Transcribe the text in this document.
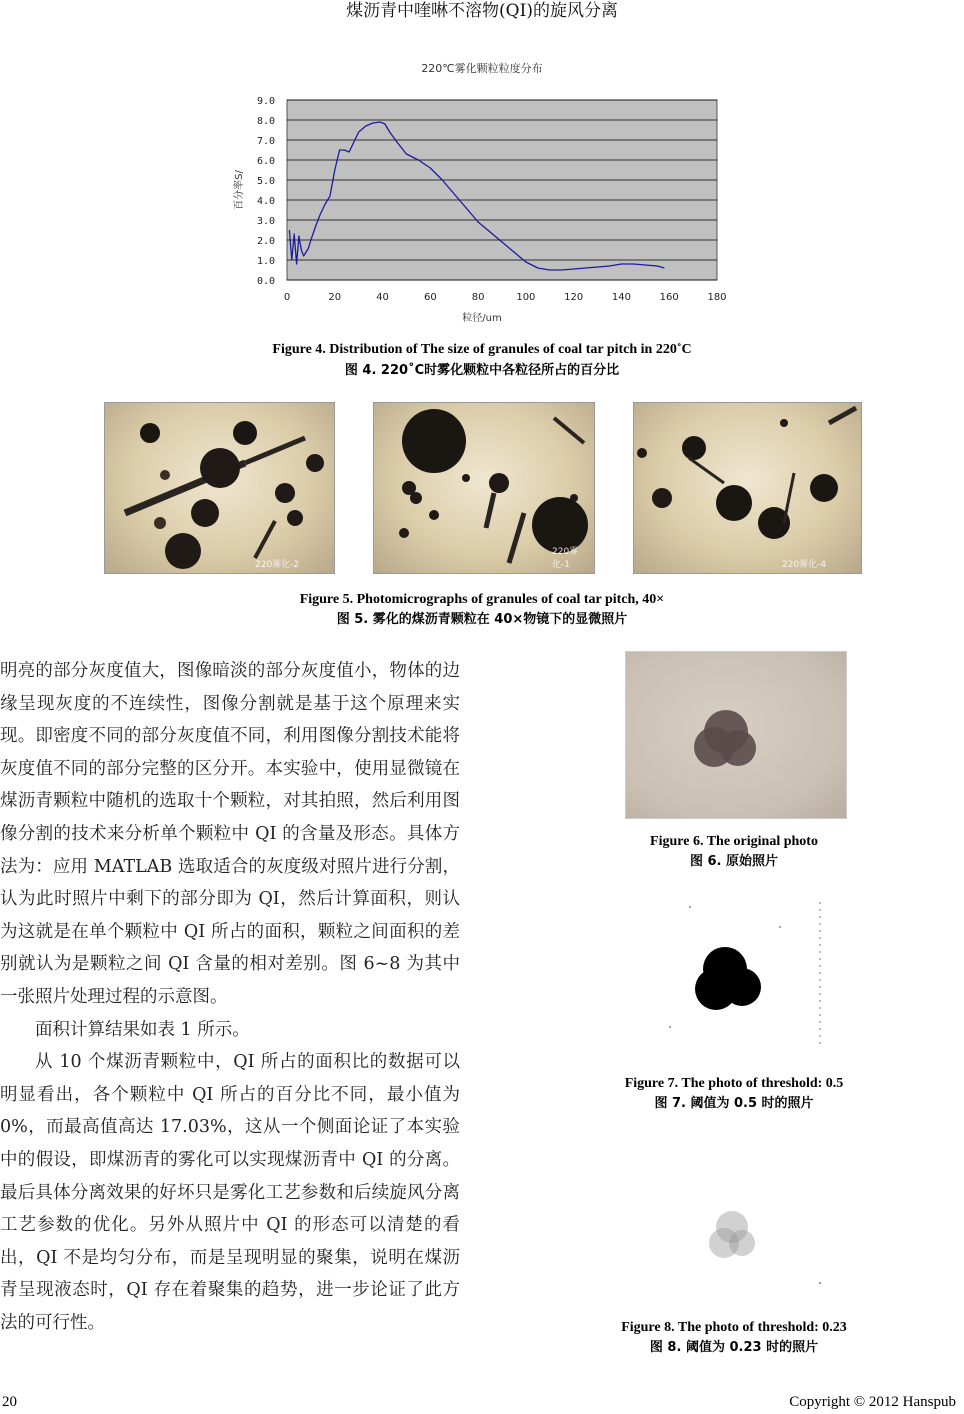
煤沥青中喹啉不溶物(QI)的旋风分离
220℃雾化颗粒粒度分布
0.0
1.0
2.0
3.0
4.0
5.0
6.0
7.0
8.0
9.0
0	20	40	60	80	100	120	140	160	180
粒径/um
百分率S/
Figure 4. Distribution of The size of granules of coal tar pitch in 220˚C
图 4. 220˚C时雾化颗粒中各粒径所占的百分比
220雾化-2
220雾化-1	220雾化-4
Figure 5. Photomicrographs of granules of coal tar pitch, 40×
图 5. 雾化的煤沥青颗粒在 40×物镜下的显微照片

明亮的部分灰度值大，图像暗淡的部分灰度值小，物体的边缘呈现灰度的不连续性，图像分割就是基于这个原理来实现。即密度不同的部分灰度值不同，利用图像分割技术能将灰度值不同的部分完整的区分开。本实验中，使用显微镜在煤沥青颗粒中随机的选取十个颗粒，对其拍照，然后利用图像分割的技术来分析单个颗粒中 QI 的含量及形态。具体方法为：应用 MATLAB 选取适合的灰度级对照片进行分割，认为此时照片中剩下的部分即为 QI，然后计算面积，则认为这就是在单个颗粒中 QI 所占的面积，颗粒之间面积的差别就认为是颗粒之间 QI 含量的相对差别。图 6~8 为其中一张照片处理过程的示意图。

面积计算结果如表 1 所示。

从 10 个煤沥青颗粒中，QI 所占的面积比的数据可以明显看出，各个颗粒中 QI 所占的百分比不同，最小值为 0%，而最高值高达 17.03%，这从一个侧面论证了本实验中的假设，即煤沥青的雾化可以实现煤沥青中 QI 的分离。最后具体分离效果的好坏只是雾化工艺参数和后续旋风分离工艺参数的优化。另外从照片中 QI 的形态可以清楚的看出，QI 不是均匀分布，而是呈现明显的聚集，说明在煤沥青呈现液态时，QI 存在着聚集的趋势，进一步论证了此方法的可行性。

Figure 6. The original photo
图 6. 原始照片
Figure 7. The photo of threshold: 0.5
图 7. 阈值为 0.5 时的照片
Figure 8. The photo of threshold: 0.23
图 8. 阈值为 0.23 时的照片
20	Copyright © 2012 Hanspub
